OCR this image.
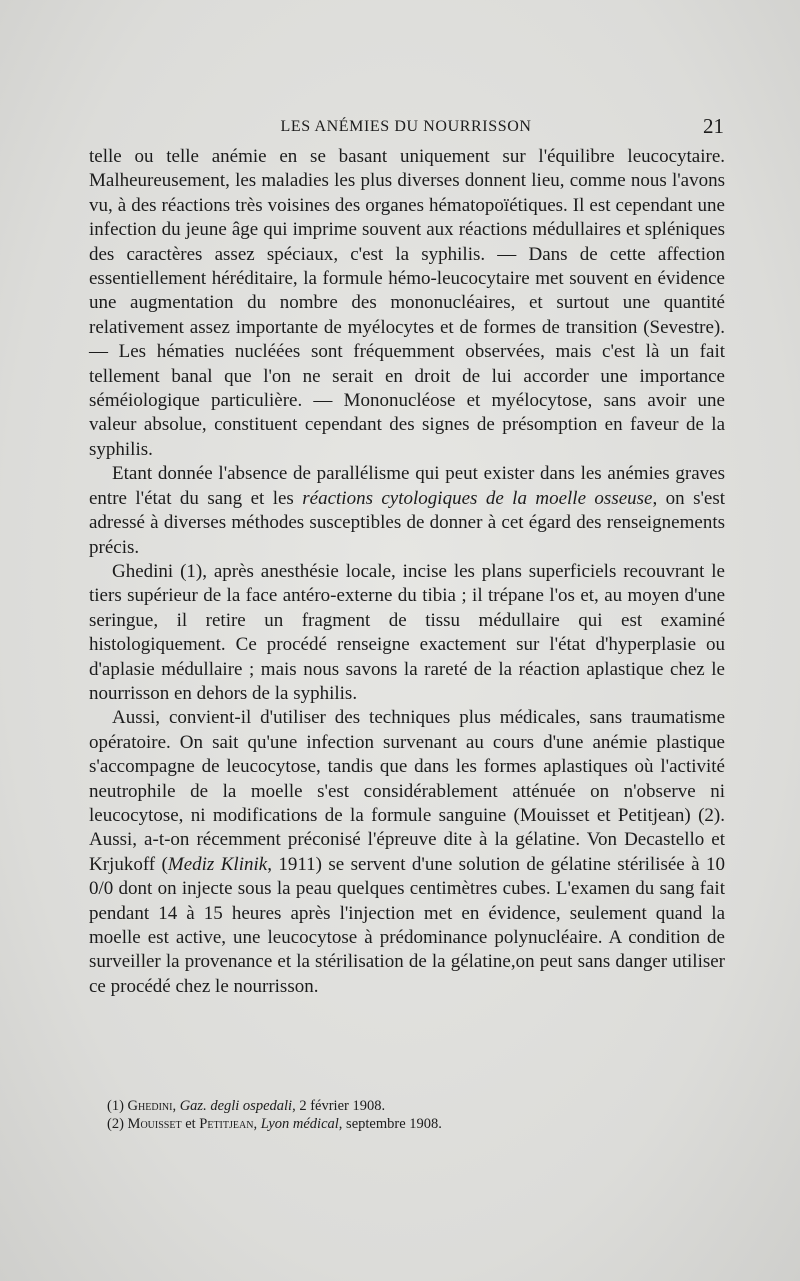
LES ANÉMIES DU NOURRISSON	21

telle ou telle anémie en se basant uniquement sur l'équilibre leucocytaire. Malheureusement, les maladies les plus diverses donnent lieu, comme nous l'avons vu, à des réactions très voisines des organes hématopoïétiques. Il est cependant une infection du jeune âge qui imprime souvent aux réactions médullaires et spléniques des caractères assez spéciaux, c'est la syphilis. — Dans de cette affection essentiellement héréditaire, la formule hémo-leucocytaire met souvent en évidence une augmentation du nombre des mononucléaires, et surtout une quantité relativement assez importante de myélocytes et de formes de transition (Sevestre). — Les hématies nucléées sont fréquemment observées, mais c'est là un fait tellement banal que l'on ne serait en droit de lui accorder une importance séméiologique particulière. — Mononucléose et myélocytose, sans avoir une valeur absolue, constituent cependant des signes de présomption en faveur de la syphilis.

Etant donnée l'absence de parallélisme qui peut exister dans les anémies graves entre l'état du sang et les réactions cytologiques de la moelle osseuse, on s'est adressé à diverses méthodes susceptibles de donner à cet égard des renseignements précis.

Ghedini (1), après anesthésie locale, incise les plans superficiels recouvrant le tiers supérieur de la face antéro-externe du tibia ; il trépane l'os et, au moyen d'une seringue, il retire un fragment de tissu médullaire qui est examiné histologiquement. Ce procédé renseigne exactement sur l'état d'hyperplasie ou d'aplasie médullaire ; mais nous savons la rareté de la réaction aplastique chez le nourrisson en dehors de la syphilis.

Aussi, convient-il d'utiliser des techniques plus médicales, sans traumatisme opératoire. On sait qu'une infection survenant au cours d'une anémie plastique s'accompagne de leucocytose, tandis que dans les formes aplastiques où l'activité neutrophile de la moelle s'est considérablement atténuée on n'observe ni leucocytose, ni modifications de la formule sanguine (Mouisset et Petitjean) (2). Aussi, a-t-on récemment préconisé l'épreuve dite à la gélatine. Von Decastello et Krjukoff (Mediz Klinik, 1911) se servent d'une solution de gélatine stérilisée à 10 0/0 dont on injecte sous la peau quelques centimètres cubes. L'examen du sang fait pendant 14 à 15 heures après l'injection met en évidence, seulement quand la moelle est active, une leucocytose à prédominance polynucléaire. A condition de surveiller la provenance et la stérilisation de la gélatine,on peut sans danger utiliser ce procédé chez le nourrisson.

(1) Ghedini, Gaz. degli ospedali, 2 février 1908.

(2) Mouisset et Petitjean, Lyon médical, septembre 1908.
